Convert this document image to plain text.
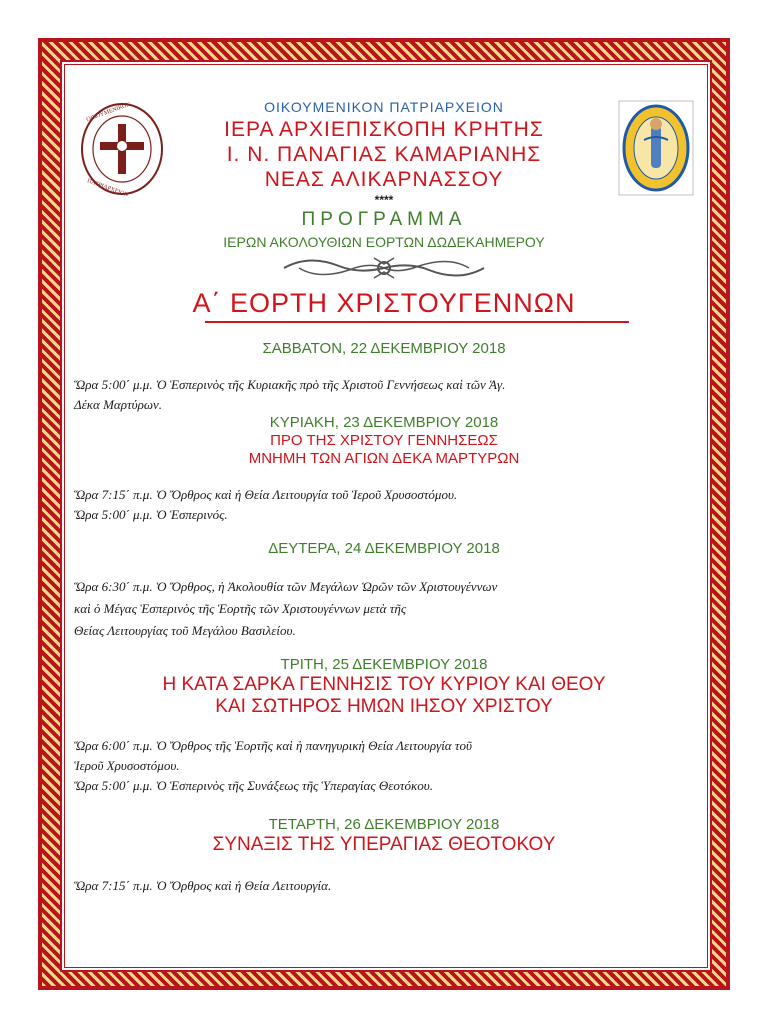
ΟΙΚΟΥΜΕΝΙΚΟΝ
ΠΑΤΡΙΑΡΧΕΙΟΝ
ΟΙΚΟΥΜΕΝΙΚΟΝ ΠΑΤΡΙΑΡΧΕΙΟΝ
ΙΕΡΑ ΑΡΧΙΕΠΙΣΚΟΠΗ ΚΡΗΤΗΣ
Ι. Ν. ΠΑΝΑΓΙΑΣ ΚΑΜΑΡΙΑΝΗΣ
ΝΕΑΣ ΑΛΙΚΑΡΝΑΣΣΟΥ
****
ΠΡΟΓΡΑΜΜΑ
ΙΕΡΩΝ ΑΚΟΛΟΥΘΙΩΝ ΕΟΡΤΩΝ ΔΩΔΕΚΑΗΜΕΡΟΥ
Α΄ ΕΟΡΤΗ ΧΡΙΣΤΟΥΓΕΝΝΩΝ
ΣΑΒΒΑΤΟΝ, 22 ΔΕΚΕΜΒΡΙΟΥ 2018
Ὥρα 5:00΄ μ.μ. Ὁ Ἑσπερινὸς τῆς Κυριακῆς πρὸ τῆς Χριστοῦ Γεννήσεως καὶ τῶν Ἁγ.
Δέκα Μαρτύρων.
ΚΥΡΙΑΚΗ, 23 ΔΕΚΕΜΒΡΙΟΥ 2018
ΠΡΟ ΤΗΣ ΧΡΙΣΤΟΥ ΓΕΝΝΗΣΕΩΣ
ΜΝΗΜΗ ΤΩΝ ΑΓΙΩΝ ΔΕΚΑ ΜΑΡΤΥΡΩΝ
Ὥρα 7:15΄ π.μ. Ὁ Ὄρθρος καὶ ἡ Θεία Λειτουργία τοῦ Ἱεροῦ Χρυσοστόμου.
Ὥρα 5:00΄ μ.μ. Ὁ Ἑσπερινός.
ΔΕΥΤΕΡΑ, 24 ΔΕΚΕΜΒΡΙΟΥ 2018
Ὥρα 6:30΄ π.μ. Ὁ Ὄρθρος, ἡ Ἀκολουθία τῶν Μεγάλων Ὡρῶν τῶν Χριστουγέννων
καὶ ὁ Μέγας Ἑσπερινὸς τῆς Ἑορτῆς τῶν Χριστουγέννων μετὰ τῆς
Θείας Λειτουργίας τοῦ Μεγάλου Βασιλείου.
ΤΡΙΤΗ, 25 ΔΕΚΕΜΒΡΙΟΥ 2018
Η ΚΑΤΑ ΣΑΡΚΑ ΓΕΝΝΗΣΙΣ ΤΟΥ ΚΥΡΙΟΥ ΚΑΙ ΘΕΟΥ
ΚΑΙ ΣΩΤΗΡΟΣ ΗΜΩΝ ΙΗΣΟΥ ΧΡΙΣΤΟΥ
Ὥρα 6:00΄ π.μ. Ὁ Ὄρθρος τῆς Ἑορτῆς καὶ ἡ πανηγυρικὴ Θεία Λειτουργία τοῦ
Ἱεροῦ Χρυσοστόμου.
Ὥρα 5:00΄ μ.μ. Ὁ Ἑσπερινὸς τῆς Συνάξεως τῆς Ὑπεραγίας Θεοτόκου.
ΤΕΤΑΡΤΗ, 26 ΔΕΚΕΜΒΡΙΟΥ 2018
ΣΥΝΑΞΙΣ ΤΗΣ ΥΠΕΡΑΓΙΑΣ ΘΕΟΤΟΚΟΥ
Ὥρα 7:15΄ π.μ. Ὁ Ὄρθρος καὶ ἡ Θεία Λειτουργία.
